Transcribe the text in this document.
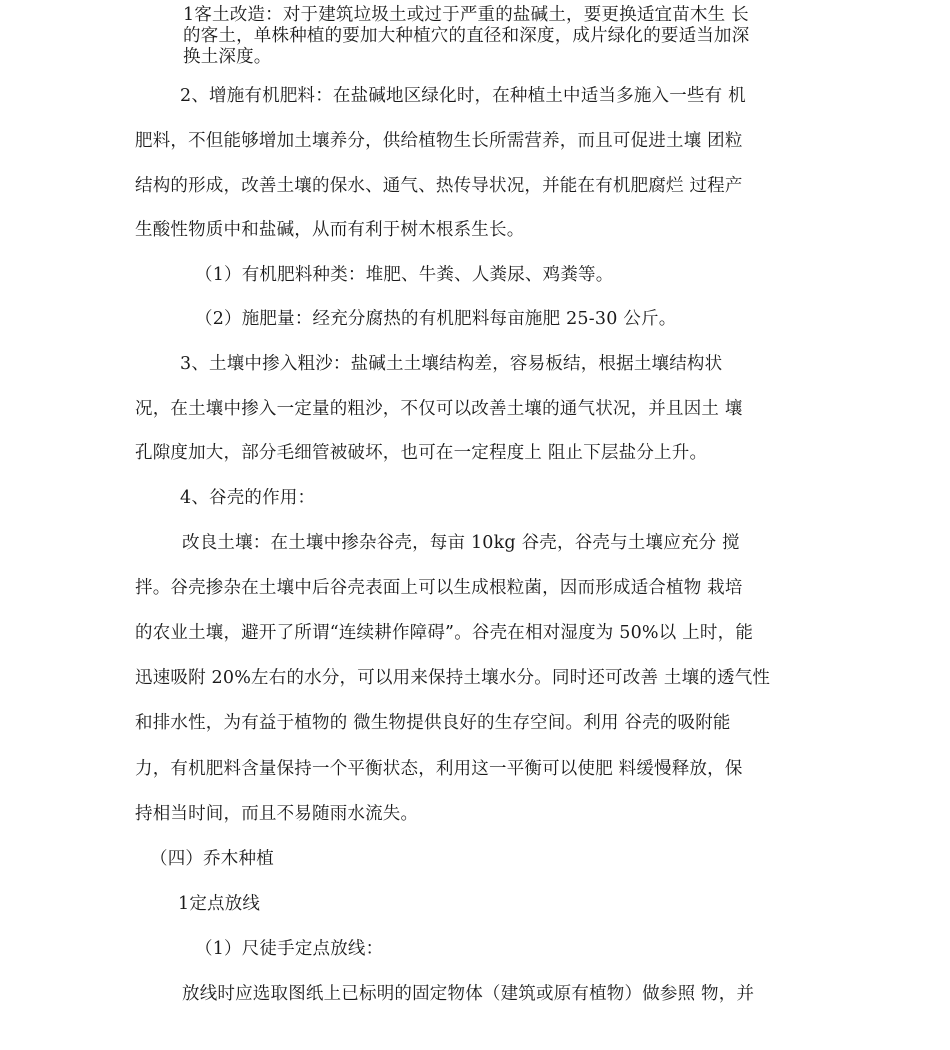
1客土改造：对于建筑垃圾土或过于严重的盐碱土，要更换适宜苗木生 长
的客土，单株种植的要加大种植穴的直径和深度，成片绿化的要适当加深
换土深度。
2、增施有机肥料：在盐碱地区绿化时，在种植土中适当多施入一些有 机
肥料，不但能够增加土壤养分，供给植物生长所需营养，而且可促进土壤 团粒
结构的形成，改善土壤的保水、通气、热传导状况，并能在有机肥腐烂 过程产
生酸性物质中和盐碱，从而有利于树木根系生长。
（1）有机肥料种类：堆肥、牛粪、人粪尿、鸡粪等。
（2）施肥量：经充分腐热的有机肥料每亩施肥 25-30 公斤。
3、土壤中掺入粗沙：盐碱土土壤结构差，容易板结，根据土壤结构状
况，在土壤中掺入一定量的粗沙，不仅可以改善土壤的通气状况，并且因土 壤
孔隙度加大，部分毛细管被破坏，也可在一定程度上 阻止下层盐分上升。
4、谷壳的作用：
改良土壤：在土壤中掺杂谷壳，每亩 10kg 谷壳，谷壳与土壤应充分 搅
拌。谷壳掺杂在土壤中后谷壳表面上可以生成根粒菌，因而形成适合植物 栽培
的农业土壤，避开了所谓“连续耕作障碍”。谷壳在相对湿度为 50%以 上时，能
迅速吸附 20%左右的水分，可以用来保持土壤水分。同时还可改善 土壤的透气性
和排水性，为有益于植物的 微生物提供良好的生存空间。利用 谷壳的吸附能
力，有机肥料含量保持一个平衡状态，利用这一平衡可以使肥 料缓慢释放，保
持相当时间，而且不易随雨水流失。
（四）乔木种植
1定点放线
（1）尺徒手定点放线：
放线时应选取图纸上已标明的固定物体（建筑或原有植物）做参照 物，并
